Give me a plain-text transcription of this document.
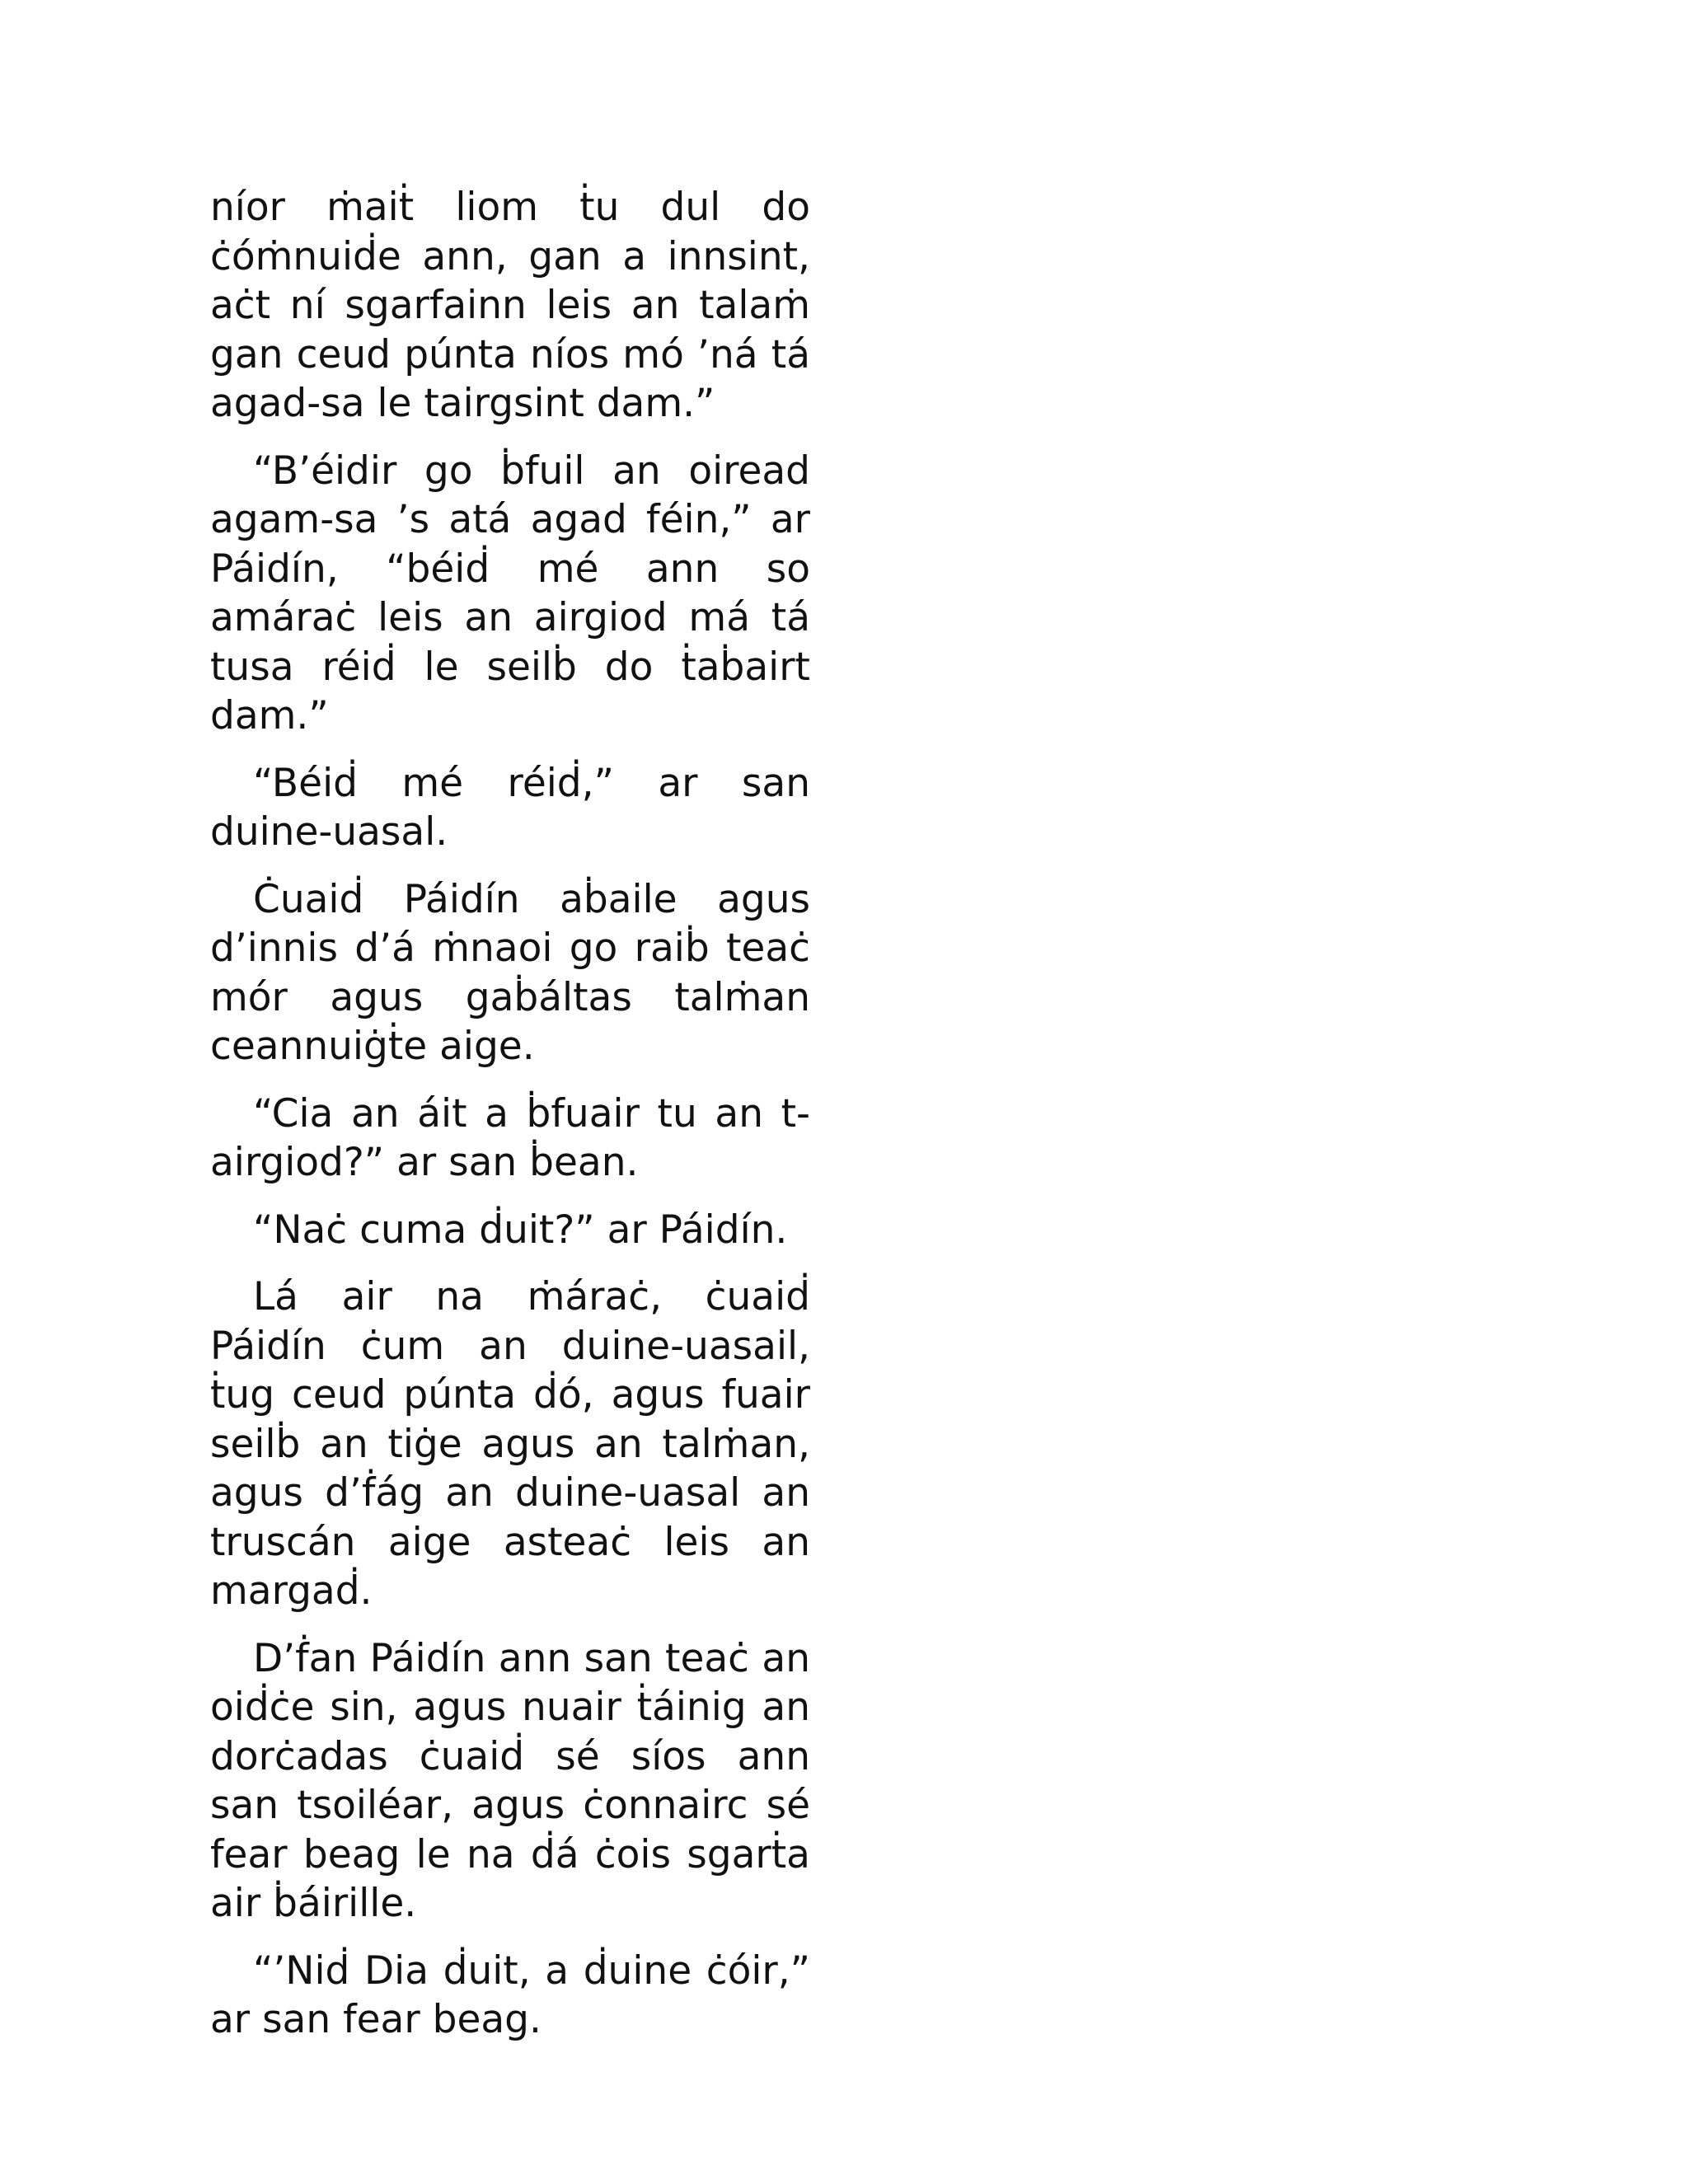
níor ṁaiṫ liom ṫu dul do ċóṁnuiḋe ann, gan a innsint, aċt ní sgarfainn leis an talaṁ gan ceud púnta níos mó ’ná tá agad-sa le tairgsint dam.”

“B’éidir go ḃfuil an oiread agam-sa ’s atá agad féin,” ar Páidín, “béiḋ mé ann so amáraċ leis an airgiod má tá tusa réiḋ le seilḃ do ṫaḃairt dam.”

“Béiḋ mé réiḋ,” ar san duine-uasal.

Ċuaiḋ Páidín aḃaile agus d’innis d’á ṁnaoi go raiḃ teaċ mór agus gaḃáltas talṁan ceannuiġṫe aige.

“Cia an áit a ḃfuair tu an t-airgiod?” ar san ḃean.

“Naċ cuma ḋuit?” ar Páidín.

Lá air na ṁáraċ, ċuaiḋ Páidín ċum an duine-uasail, ṫug ceud púnta ḋó, agus fuair seilḃ an tiġe agus an talṁan, agus d’ḟág an duine-uasal an truscán aige asteaċ leis an margaḋ.

D’ḟan Páidín ann san teaċ an oiḋċe sin, agus nuair ṫáinig an dorċadas ċuaiḋ sé síos ann san tsoiléar, agus ċonnairc sé fear beag le na ḋá ċois sgarṫa air ḃáirille.

“’Niḋ Dia ḋuit, a ḋuine ċóir,” ar san fear beag.
